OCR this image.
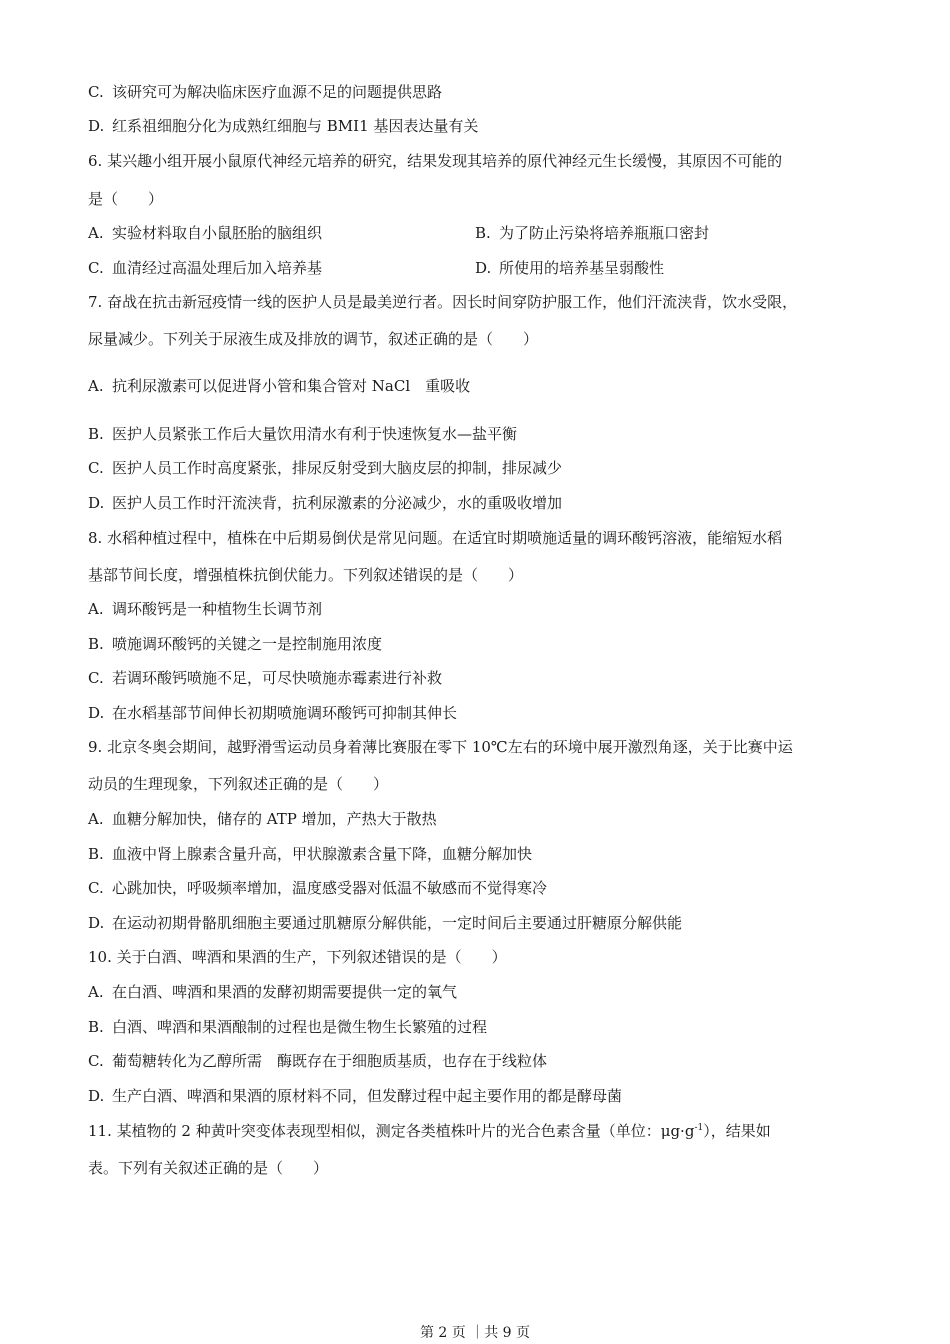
C. 该研究可为解决临床医疗血源不足的问题提供思路
D. 红系祖细胞分化为成熟红细胞与 BMI1 基因表达量有关
6. 某兴趣小组开展小鼠原代神经元培养的研究，结果发现其培养的原代神经元生长缓慢，其原因不可能的
是（　　）
A. 实验材料取自小鼠胚胎的脑组织	B. 为了防止污染将培养瓶瓶口密封
C. 血清经过高温处理后加入培养基	D. 所使用的培养基呈弱酸性
7. 奋战在抗击新冠疫情一线的医护人员是最美逆行者。因长时间穿防护服工作，他们汗流浃背，饮水受限，
尿量减少。下列关于尿液生成及排放的调节，叙述正确的是（　　）
A. 抗利尿激素可以促进肾小管和集合管对 NaCl　重吸收
B. 医护人员紧张工作后大量饮用清水有利于快速恢复水—盐平衡
C. 医护人员工作时高度紧张，排尿反射受到大脑皮层的抑制，排尿减少
D. 医护人员工作时汗流浃背，抗利尿激素的分泌减少，水的重吸收增加
8. 水稻种植过程中，植株在中后期易倒伏是常见问题。在适宜时期喷施适量的调环酸钙溶液，能缩短水稻
基部节间长度，增强植株抗倒伏能力。下列叙述错误的是（　　）
A. 调环酸钙是一种植物生长调节剂
B. 喷施调环酸钙的关键之一是控制施用浓度
C. 若调环酸钙喷施不足，可尽快喷施赤霉素进行补救
D. 在水稻基部节间伸长初期喷施调环酸钙可抑制其伸长
9. 北京冬奥会期间，越野滑雪运动员身着薄比赛服在零下 10℃左右的环境中展开激烈角逐，关于比赛中运
动员的生理现象，下列叙述正确的是（　　）
A. 血糖分解加快，储存的 ATP 增加，产热大于散热
B. 血液中肾上腺素含量升高，甲状腺激素含量下降，血糖分解加快
C. 心跳加快，呼吸频率增加，温度感受器对低温不敏感而不觉得寒冷
D. 在运动初期骨骼肌细胞主要通过肌糖原分解供能，一定时间后主要通过肝糖原分解供能
10. 关于白酒、啤酒和果酒的生产，下列叙述错误的是（　　）
A. 在白酒、啤酒和果酒的发酵初期需要提供一定的氧气
B. 白酒、啤酒和果酒酿制的过程也是微生物生长繁殖的过程
C. 葡萄糖转化为乙醇所需　酶既存在于细胞质基质，也存在于线粒体
D. 生产白酒、啤酒和果酒的原材料不同，但发酵过程中起主要作用的都是酵母菌
11. 某植物的 2 种黄叶突变体表现型相似，测定各类植株叶片的光合色素含量（单位：$\mu g\cdot g^{-1}$），结果如
表。下列有关叙述正确的是（　　）
第 2 页 ｜共 9 页
